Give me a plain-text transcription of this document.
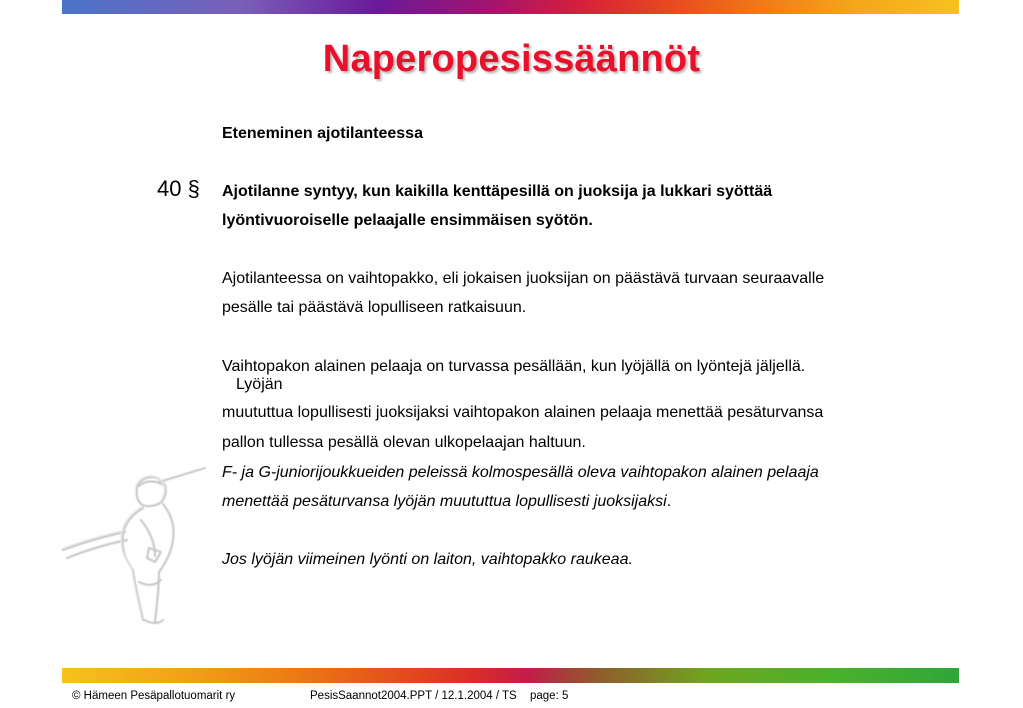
Naperopesissäännöt
Eteneminen ajotilanteessa
40 § Ajotilanne syntyy, kun kaikilla kenttäpesillä on juoksija ja lukkari syöttää
lyöntivuoroiselle pelaajalle ensimmäisen syötön.
Ajotilanteessa on vaihtopakko, eli jokaisen juoksijan on päästävä turvaan seuraavalle
pesälle tai päästävä lopulliseen ratkaisuun.
Vaihtopakon alainen pelaaja on turvassa pesällään, kun lyöjällä on lyöntejä jäljellä.
Lyöjän
muututtua lopullisesti juoksijaksi vaihtopakon alainen pelaaja menettää pesäturvansa
pallon tullessa pesällä olevan ulkopelaajan haltuun.
F- ja G-juniorijoukkueiden peleissä kolmospesällä oleva vaihtopakon alainen pelaaja
menettää pesäturvansa lyöjän muututtua lopullisesti juoksijaksi.
Jos lyöjän viimeinen lyönti on laiton, vaihtopakko raukeaa.
© Hämeen Pesäpallotuomarit ry	PesisSaannot2004.PPT / 12.1.2004 / TS page: 5
